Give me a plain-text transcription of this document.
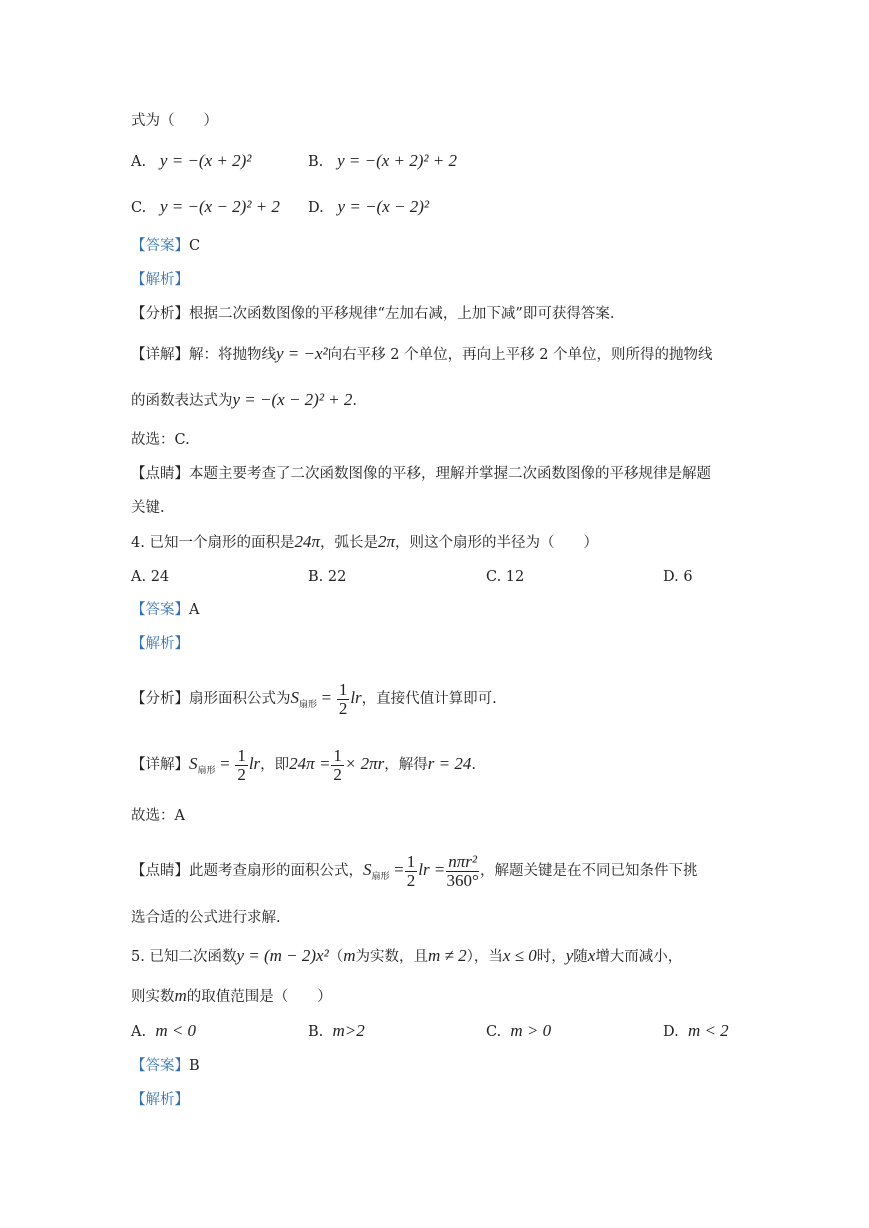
式为（　　）
A. y = −(x + 2)²	B. y = −(x + 2)² + 2
C. y = −(x − 2)² + 2 D. y = −(x − 2)²
【答案】C
【解析】
【分析】根据二次函数图像的平移规律“左加右减，上加下减”即可获得答案.
【详解】解：将抛物线y = −x²向右平移 2 个单位，再向上平移 2 个单位，则所得的抛物线
的函数表达式为y = −(x − 2)² + 2.
故选：C.
【点睛】本题主要考查了二次函数图像的平移，理解并掌握二次函数图像的平移规律是解题
关键.
4. 已知一个扇形的面积是24π，弧长是2π，则这个扇形的半径为（　　）
A. 24	B. 22	C. 12	D. 6
【答案】A
【解析】
【分析】扇形面积公式为$S_{扇形} = \frac{1}{2}$ lr，直接代值计算即可.
【详解】$S_{扇形} = \frac{1}{2}$ lr，即$24\pi = \frac{1}{2} \times 2\pi r$，解得r = 24.
故选：A
【点睛】此题考查扇形的面积公式，$S_{扇形} = \frac{1}{2}$ lr = $\frac{\text{nπr²}}{360^\circ}$ ，解题关键是在不同已知条件下挑
选合适的公式进行求解.
5. 已知二次函数y = (m − 2)x²（m为实数，且m ≠ 2），当x ≤ 0时，y随x增大而减小，
则实数m的取值范围是（　　）
A. m < 0	B. m>2	C. m > 0	D. m < 2
【答案】B
【解析】
